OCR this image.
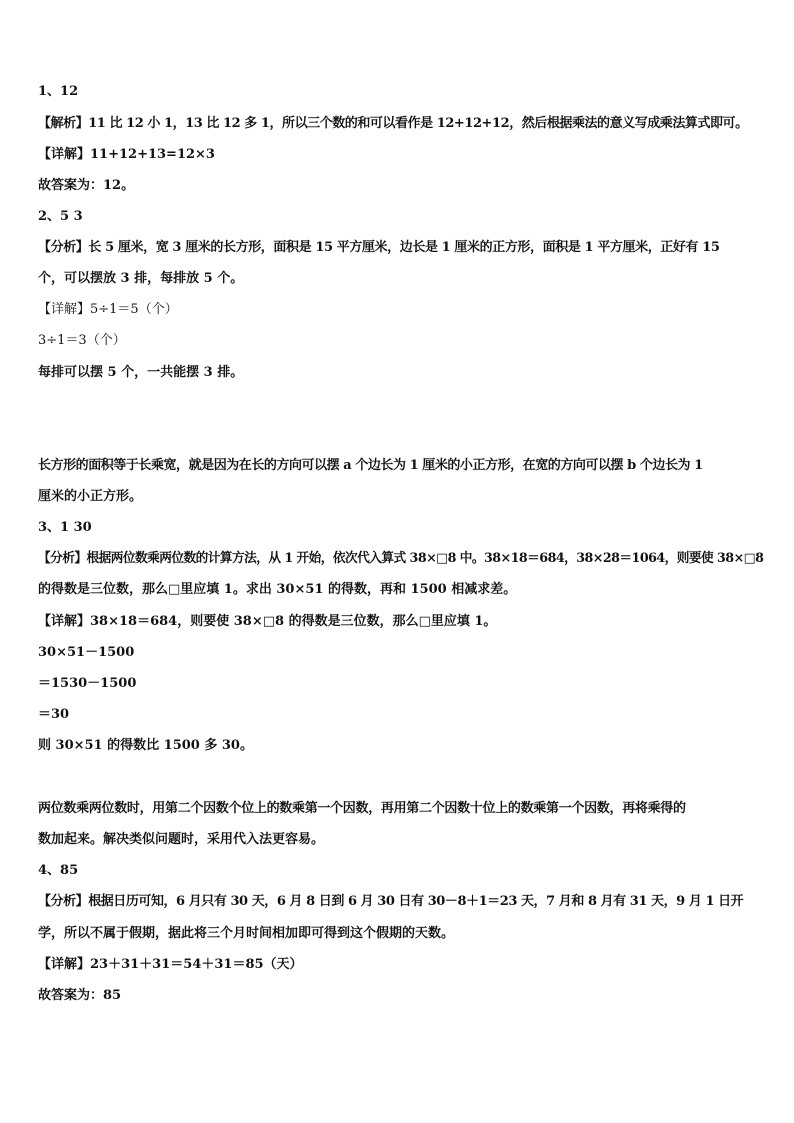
1、12
【解析】11 比 12 小 1，13 比 12 多 1，所以三个数的和可以看作是 12+12+12，然后根据乘法的意义写成乘法算式即可。
【详解】11+12+13=12×3
故答案为：12。
2、5 3
【分析】长 5 厘米，宽 3 厘米的长方形，面积是 15 平方厘米，边长是 1 厘米的正方形，面积是 1 平方厘米，正好有 15
个，可以摆放 3 排，每排放 5 个。
【详解】5÷1＝5（个）
3÷1＝3（个）
每排可以摆 5 个，一共能摆 3 排。
长方形的面积等于长乘宽，就是因为在长的方向可以摆 a 个边长为 1 厘米的小正方形，在宽的方向可以摆 b 个边长为 1
厘米的小正方形。
3、1 30
【分析】根据两位数乘两位数的计算方法，从 1 开始，依次代入算式 38×□8 中。38×18＝684，38×28＝1064，则要使 38×□8
的得数是三位数，那么□里应填 1。求出 30×51 的得数，再和 1500 相减求差。
【详解】38×18＝684，则要使 38×□8 的得数是三位数，那么□里应填 1。
30×51－1500
＝1530－1500
＝30
则 30×51 的得数比 1500 多 30。
两位数乘两位数时，用第二个因数个位上的数乘第一个因数，再用第二个因数十位上的数乘第一个因数，再将乘得的
数加起来。解决类似问题时，采用代入法更容易。
4、85
【分析】根据日历可知，6 月只有 30 天，6 月 8 日到 6 月 30 日有 30－8＋1＝23 天，7 月和 8 月有 31 天，9 月 1 日开
学，所以不属于假期，据此将三个月时间相加即可得到这个假期的天数。
【详解】23＋31＋31＝54＋31＝85（天）
故答案为：85
